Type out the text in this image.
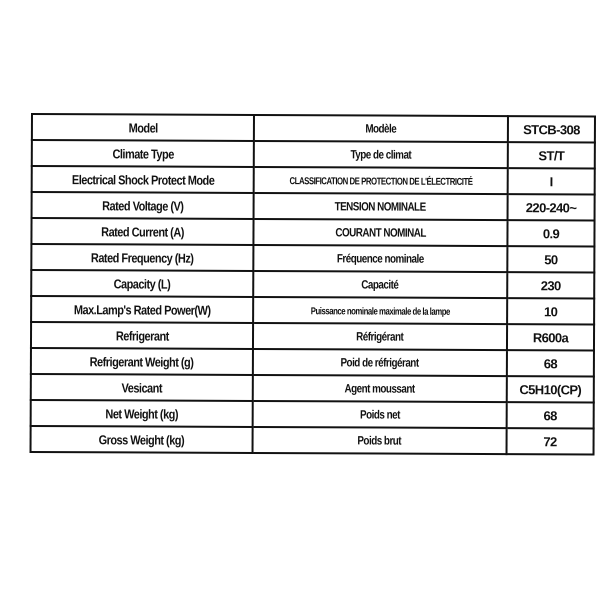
Model	Modèle	STCB-308
Climate Type	Type de climat	ST/T
Electrical Shock Protect Mode	CLASSIFICATION DE PROTECTION DE L'ÉLECTRICITÉ	I
Rated Voltage (V)	TENSION NOMINALE	220-240~
Rated Current (A)	COURANT NOMINAL	0.9
Rated Frequency (Hz)	Fréquence nominale	50
Capacity (L)	Capacité	230
Max.Lamp's Rated Power(W)	Puissance nominale maximale de la lampe	10
Refrigerant	Réfrigérant	R600a
Refrigerant Weight (g)	Poid de réfrigérant	68
Vesicant	Agent moussant	C5H10(CP)
Net Weight (kg)	Poids net	68
Gross Weight (kg)	Poids brut	72
